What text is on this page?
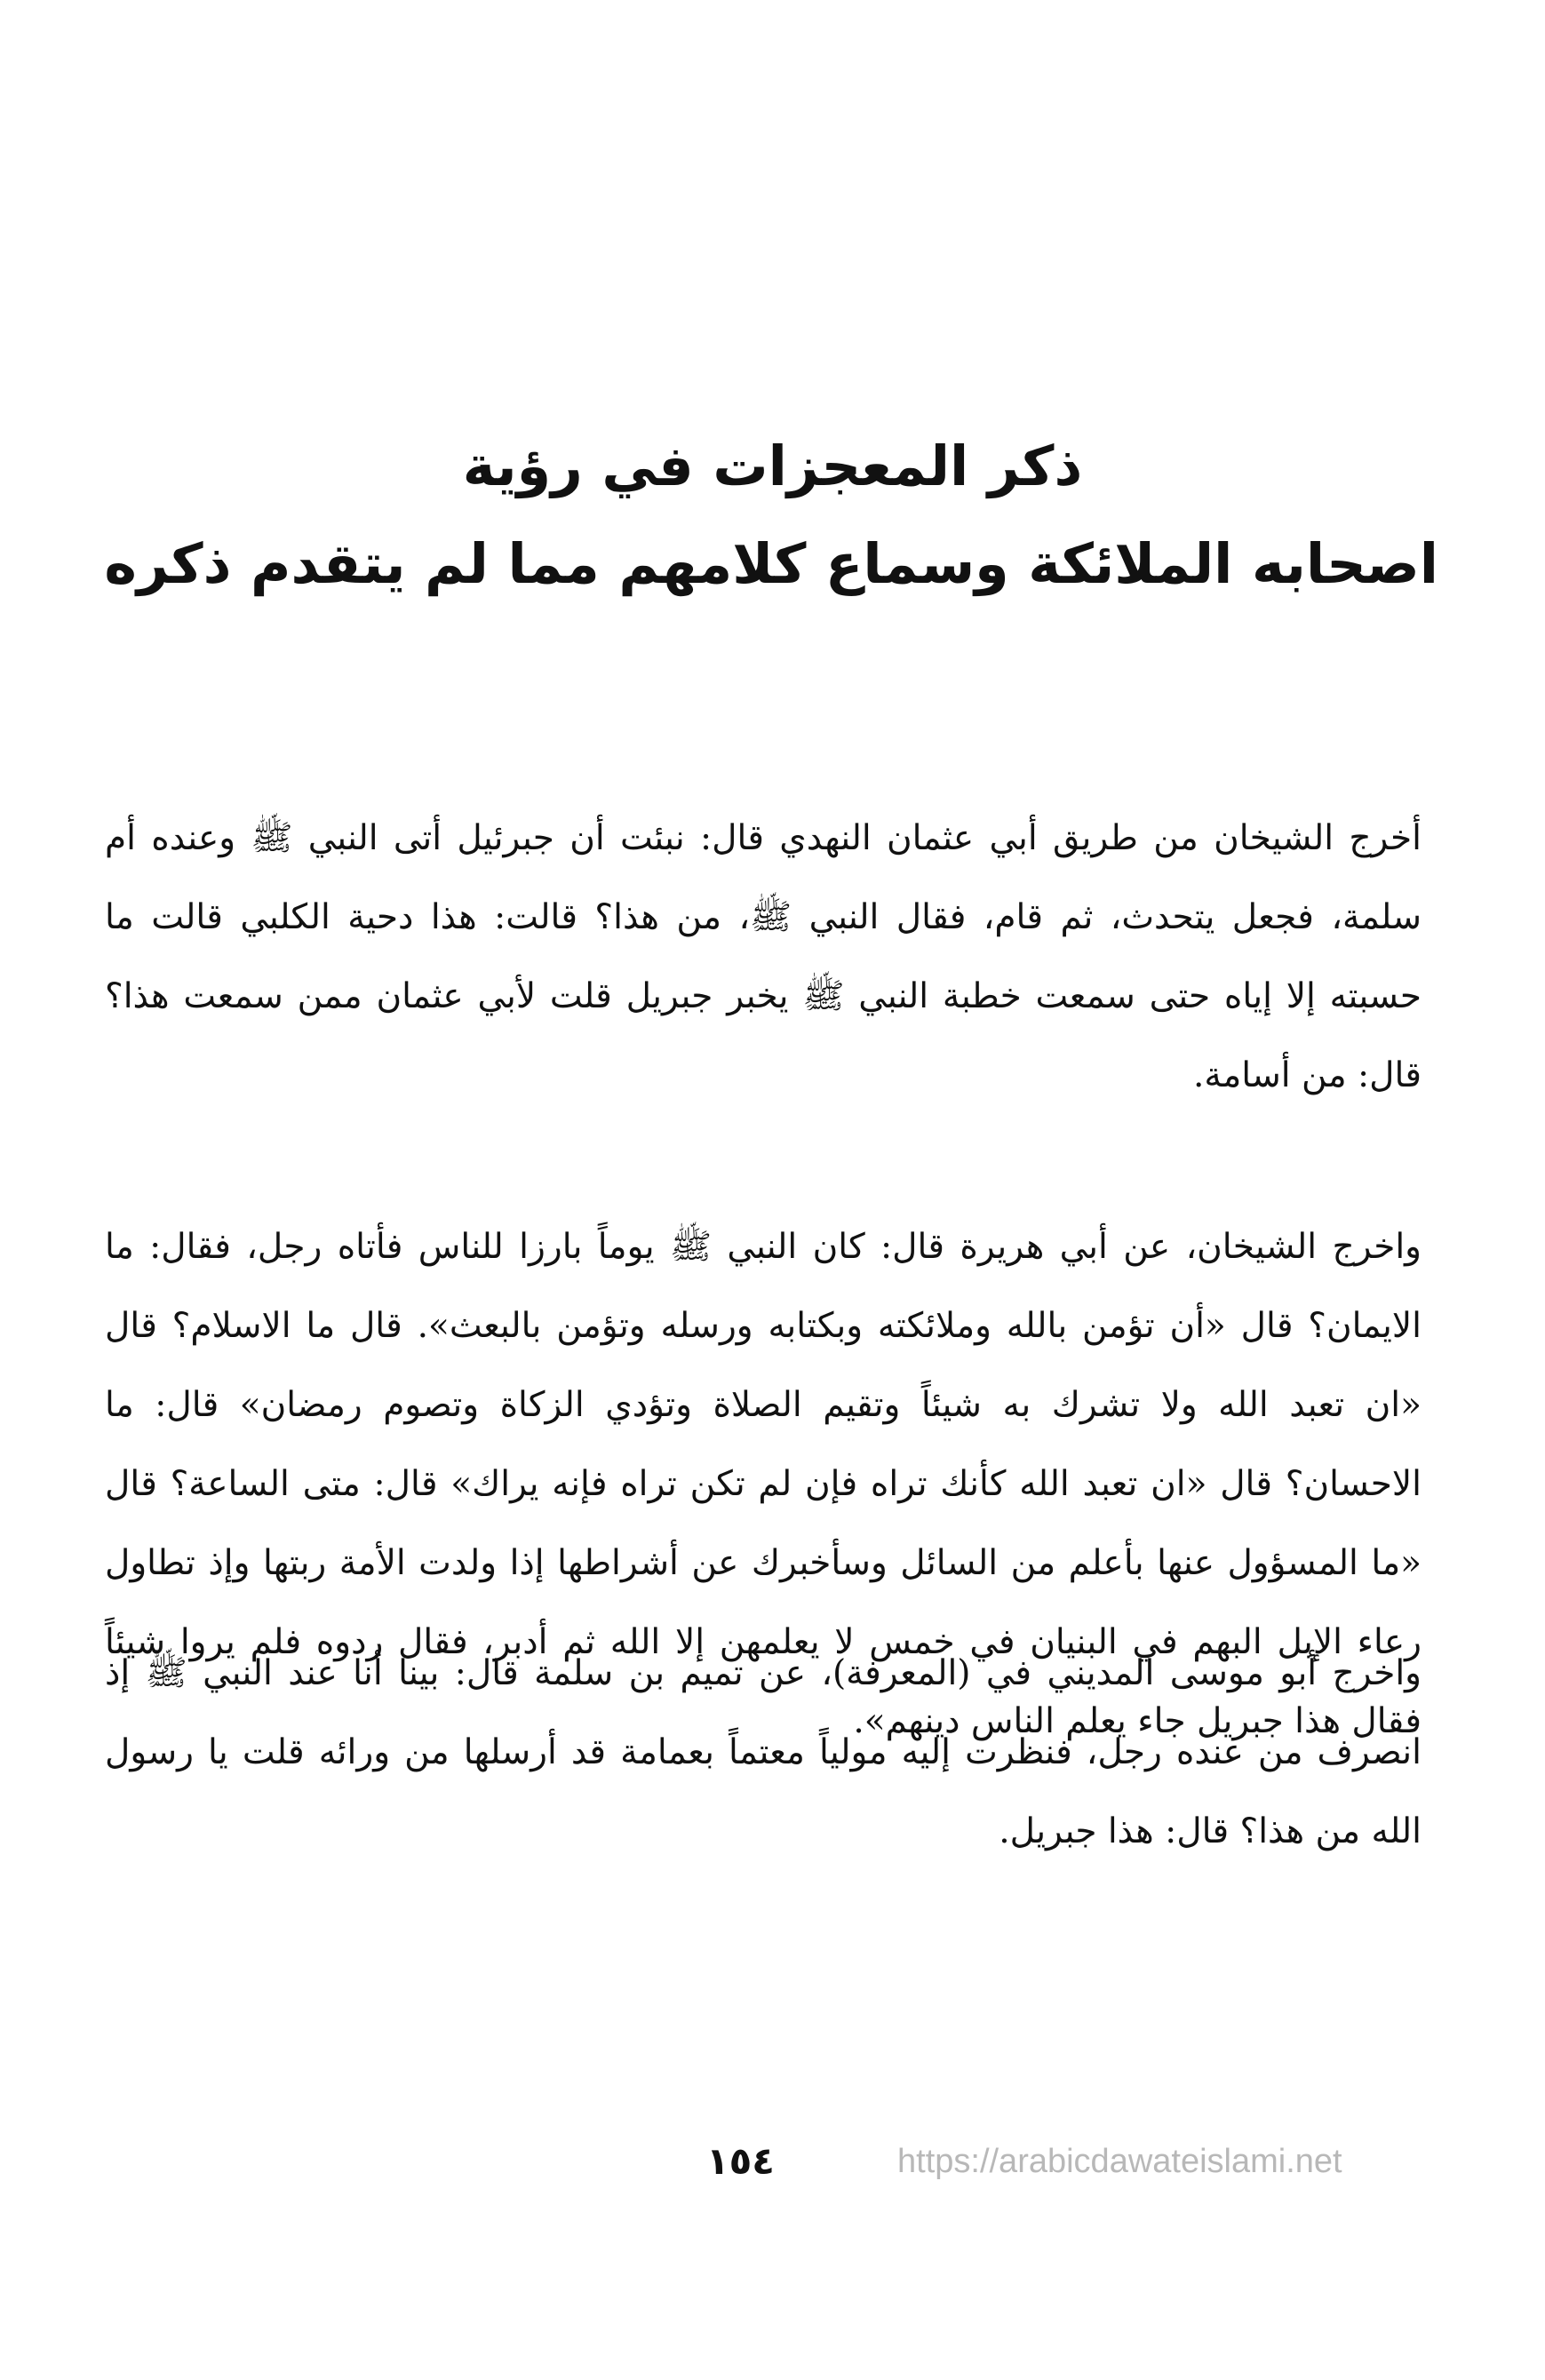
ذكر المعجزات في رؤية
اصحابه الملائكة وسماع كلامهم مما لم يتقدم ذكره

أخرج الشيخان من طريق أبي عثمان النهدي قال: نبئت أن جبرئيل أتى النبي ﷺ وعنده أم سلمة، فجعل يتحدث، ثم قام، فقال النبي ﷺ، من هذا؟ قالت: هذا دحية الكلبي قالت ما حسبته إلا إياه حتى سمعت خطبة النبي ﷺ يخبر جبريل قلت لأبي عثمان ممن سمعت هذا؟ قال: من أسامة.

واخرج الشيخان، عن أبي هريرة قال: كان النبي ﷺ يوماً بارزا للناس فأتاه رجل، فقال: ما الايمان؟ قال «أن تؤمن بالله وملائكته وبكتابه ورسله وتؤمن بالبعث». قال ما الاسلام؟ قال «ان تعبد الله ولا تشرك به شيئاً وتقيم الصلاة وتؤدي الزكاة وتصوم رمضان» قال: ما الاحسان؟ قال «ان تعبد الله كأنك تراه فإن لم تكن تراه فإنه يراك» قال: متى الساعة؟ قال «ما المسؤول عنها بأعلم من السائل وسأخبرك عن أشراطها إذا ولدت الأمة ربتها وإذ تطاول رعاء الإبل البهم في البنيان في خمس لا يعلمهن إلا الله ثم أدبر، فقال ردوه فلم يروا شيئاً فقال هذا جبريل جاء يعلم الناس دينهم».

واخرج أبو موسى المديني في (المعرفة)، عن تميم بن سلمة قال: بينا أنا عند النبي ﷺ إذ انصرف من عنده رجل، فنظرت إليه مولياً معتماً بعمامة قد أرسلها من ورائه قلت يا رسول الله من هذا؟ قال: هذا جبريل.

١٥٤	https://arabicdawateislami.net
